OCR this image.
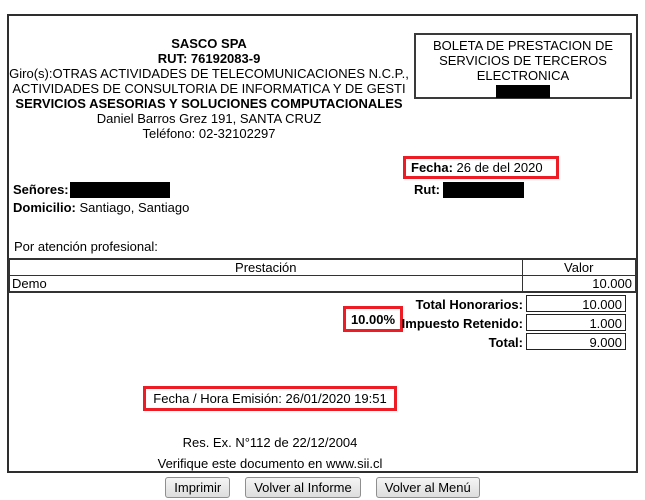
SASCO SPA
RUT: 76192083-9
Giro(s):OTRAS ACTIVIDADES DE TELECOMUNICACIONES N.C.P., ACTIVIDADES DE CONSULTORIA DE INFORMATICA Y DE GESTI
SERVICIOS ASESORIAS Y SOLUCIONES COMPUTACIONALES
Daniel Barros Grez 191, SANTA CRUZ
Teléfono: 02-32102297
BOLETA DE PRESTACION DE SERVICIOS DE TERCEROS ELECTRONICA
Fecha: 26 de del 2020
Señores:	Rut:
Domicilio: Santiago, Santiago
Por atención profesional:
Prestación	Valor
Demo	10.000
Total Honorarios:	10.000
10.00% Impuesto Retenido:	1.000
Total:	9.000
Fecha / Hora Emisión: 26/01/2020 19:51
Res. Ex. N°112 de 22/12/2004
Verifique este documento en www.sii.cl
Imprimir	Volver al Informe	Volver al Menú
